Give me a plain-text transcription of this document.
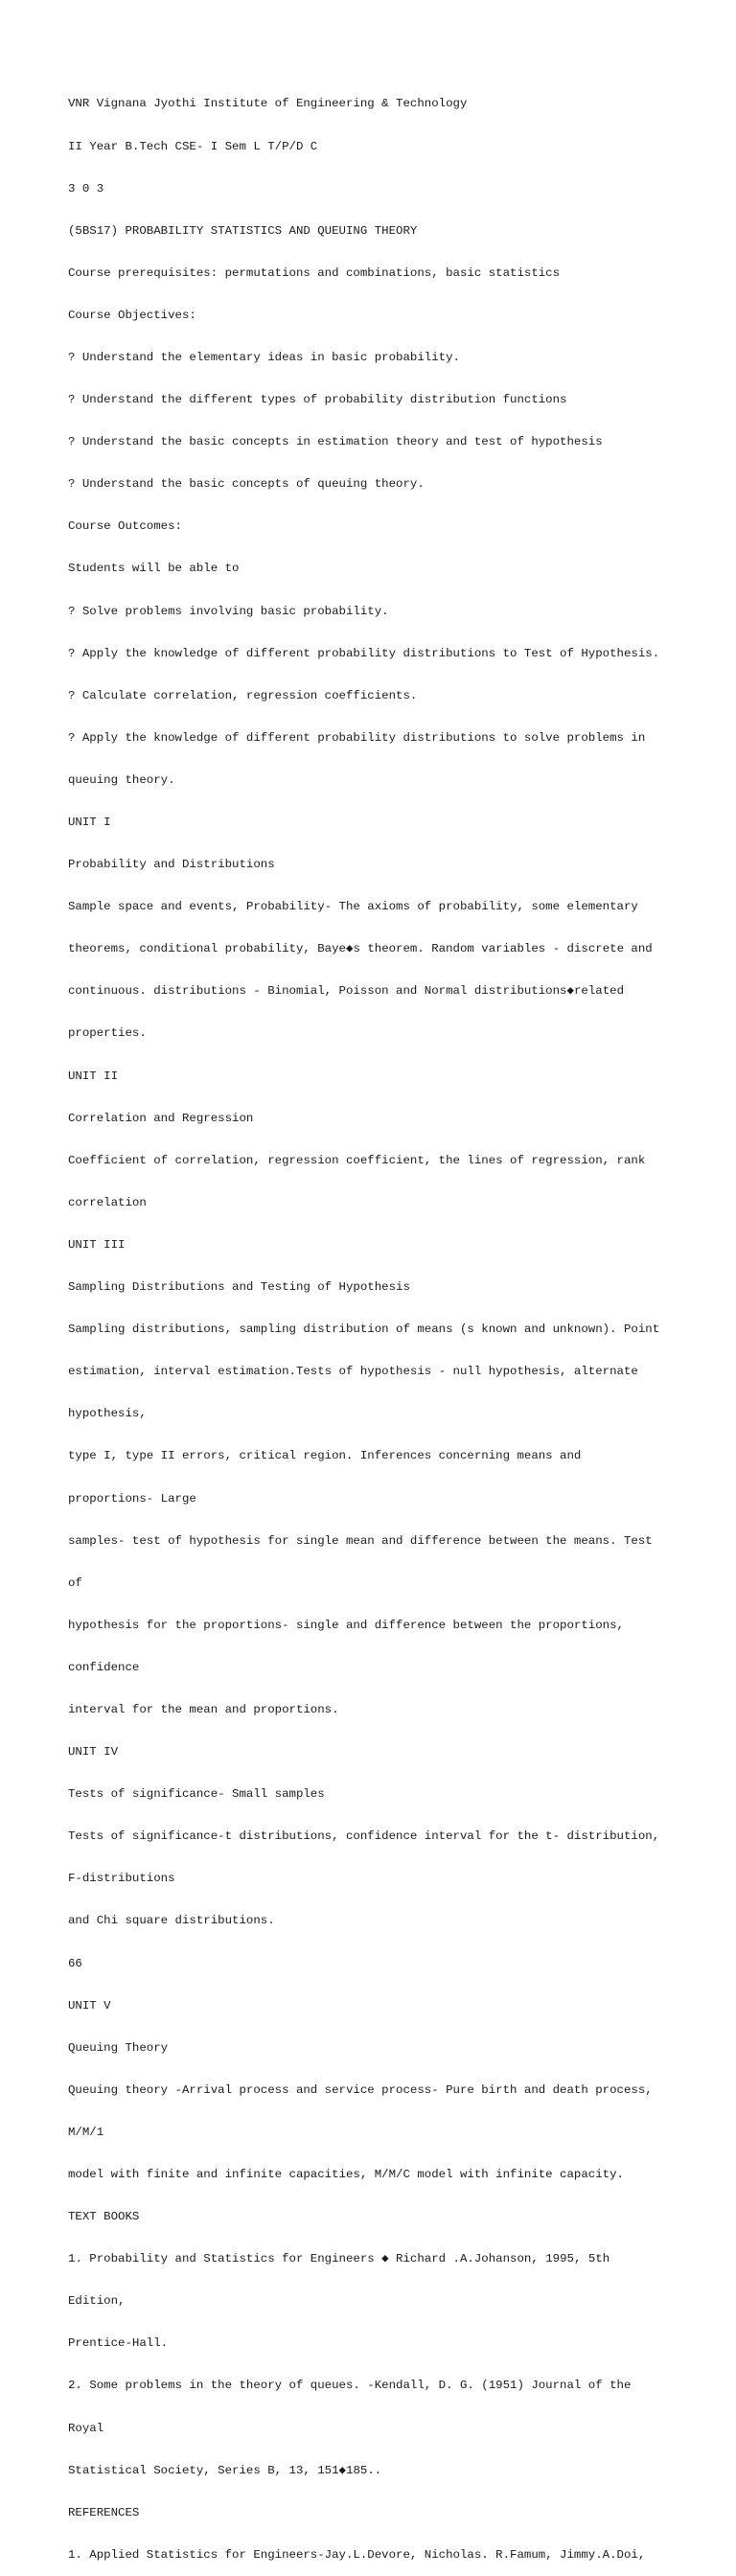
VNR Vignana Jyothi Institute of Engineering & Technology

II Year B.Tech CSE- I Sem L T/P/D C

3 0 3

(5BS17) PROBABILITY STATISTICS AND QUEUING THEORY

Course prerequisites: permutations and combinations, basic statistics

Course Objectives:

? Understand the elementary ideas in basic probability.

? Understand the different types of probability distribution functions

? Understand the basic concepts in estimation theory and test of hypothesis

? Understand the basic concepts of queuing theory.

Course Outcomes:

Students will be able to

? Solve problems involving basic probability.

? Apply the knowledge of different probability distributions to Test of Hypothesis.

? Calculate correlation, regression coefficients.

? Apply the knowledge of different probability distributions to solve problems in

queuing theory.

UNIT I

Probability and Distributions

Sample space and events, Probability- The axioms of probability, some elementary

theorems, conditional probability, Baye◆s theorem. Random variables - discrete and

continuous. distributions - Binomial, Poisson and Normal distributions◆related

properties.

UNIT II

Correlation and Regression

Coefficient of correlation, regression coefficient, the lines of regression, rank

correlation

UNIT III

Sampling Distributions and Testing of Hypothesis

Sampling distributions, sampling distribution of means (s known and unknown). Point

estimation, interval estimation.Tests of hypothesis - null hypothesis, alternate

hypothesis,

type I, type II errors, critical region. Inferences concerning means and

proportions- Large

samples- test of hypothesis for single mean and difference between the means. Test

of

hypothesis for the proportions- single and difference between the proportions,

confidence

interval for the mean and proportions.

UNIT IV

Tests of significance- Small samples

Tests of significance-t distributions, confidence interval for the t- distribution,

F-distributions

and Chi square distributions.

66

UNIT V

Queuing Theory

Queuing theory -Arrival process and service process- Pure birth and death process,

M/M/1

model with finite and infinite capacities, M/M/C model with infinite capacity.

TEXT BOOKS

1. Probability and Statistics for Engineers ◆ Richard .A.Johanson, 1995, 5th

Edition,

Prentice-Hall.

2. Some problems in the theory of queues. -Kendall, D. G. (1951) Journal of the

Royal

Statistical Society, Series B, 13, 151◆185..

REFERENCES

1. Applied Statistics for Engineers-Jay.L.Devore, Nicholas. R.Famum, Jimmy.A.Doi,
